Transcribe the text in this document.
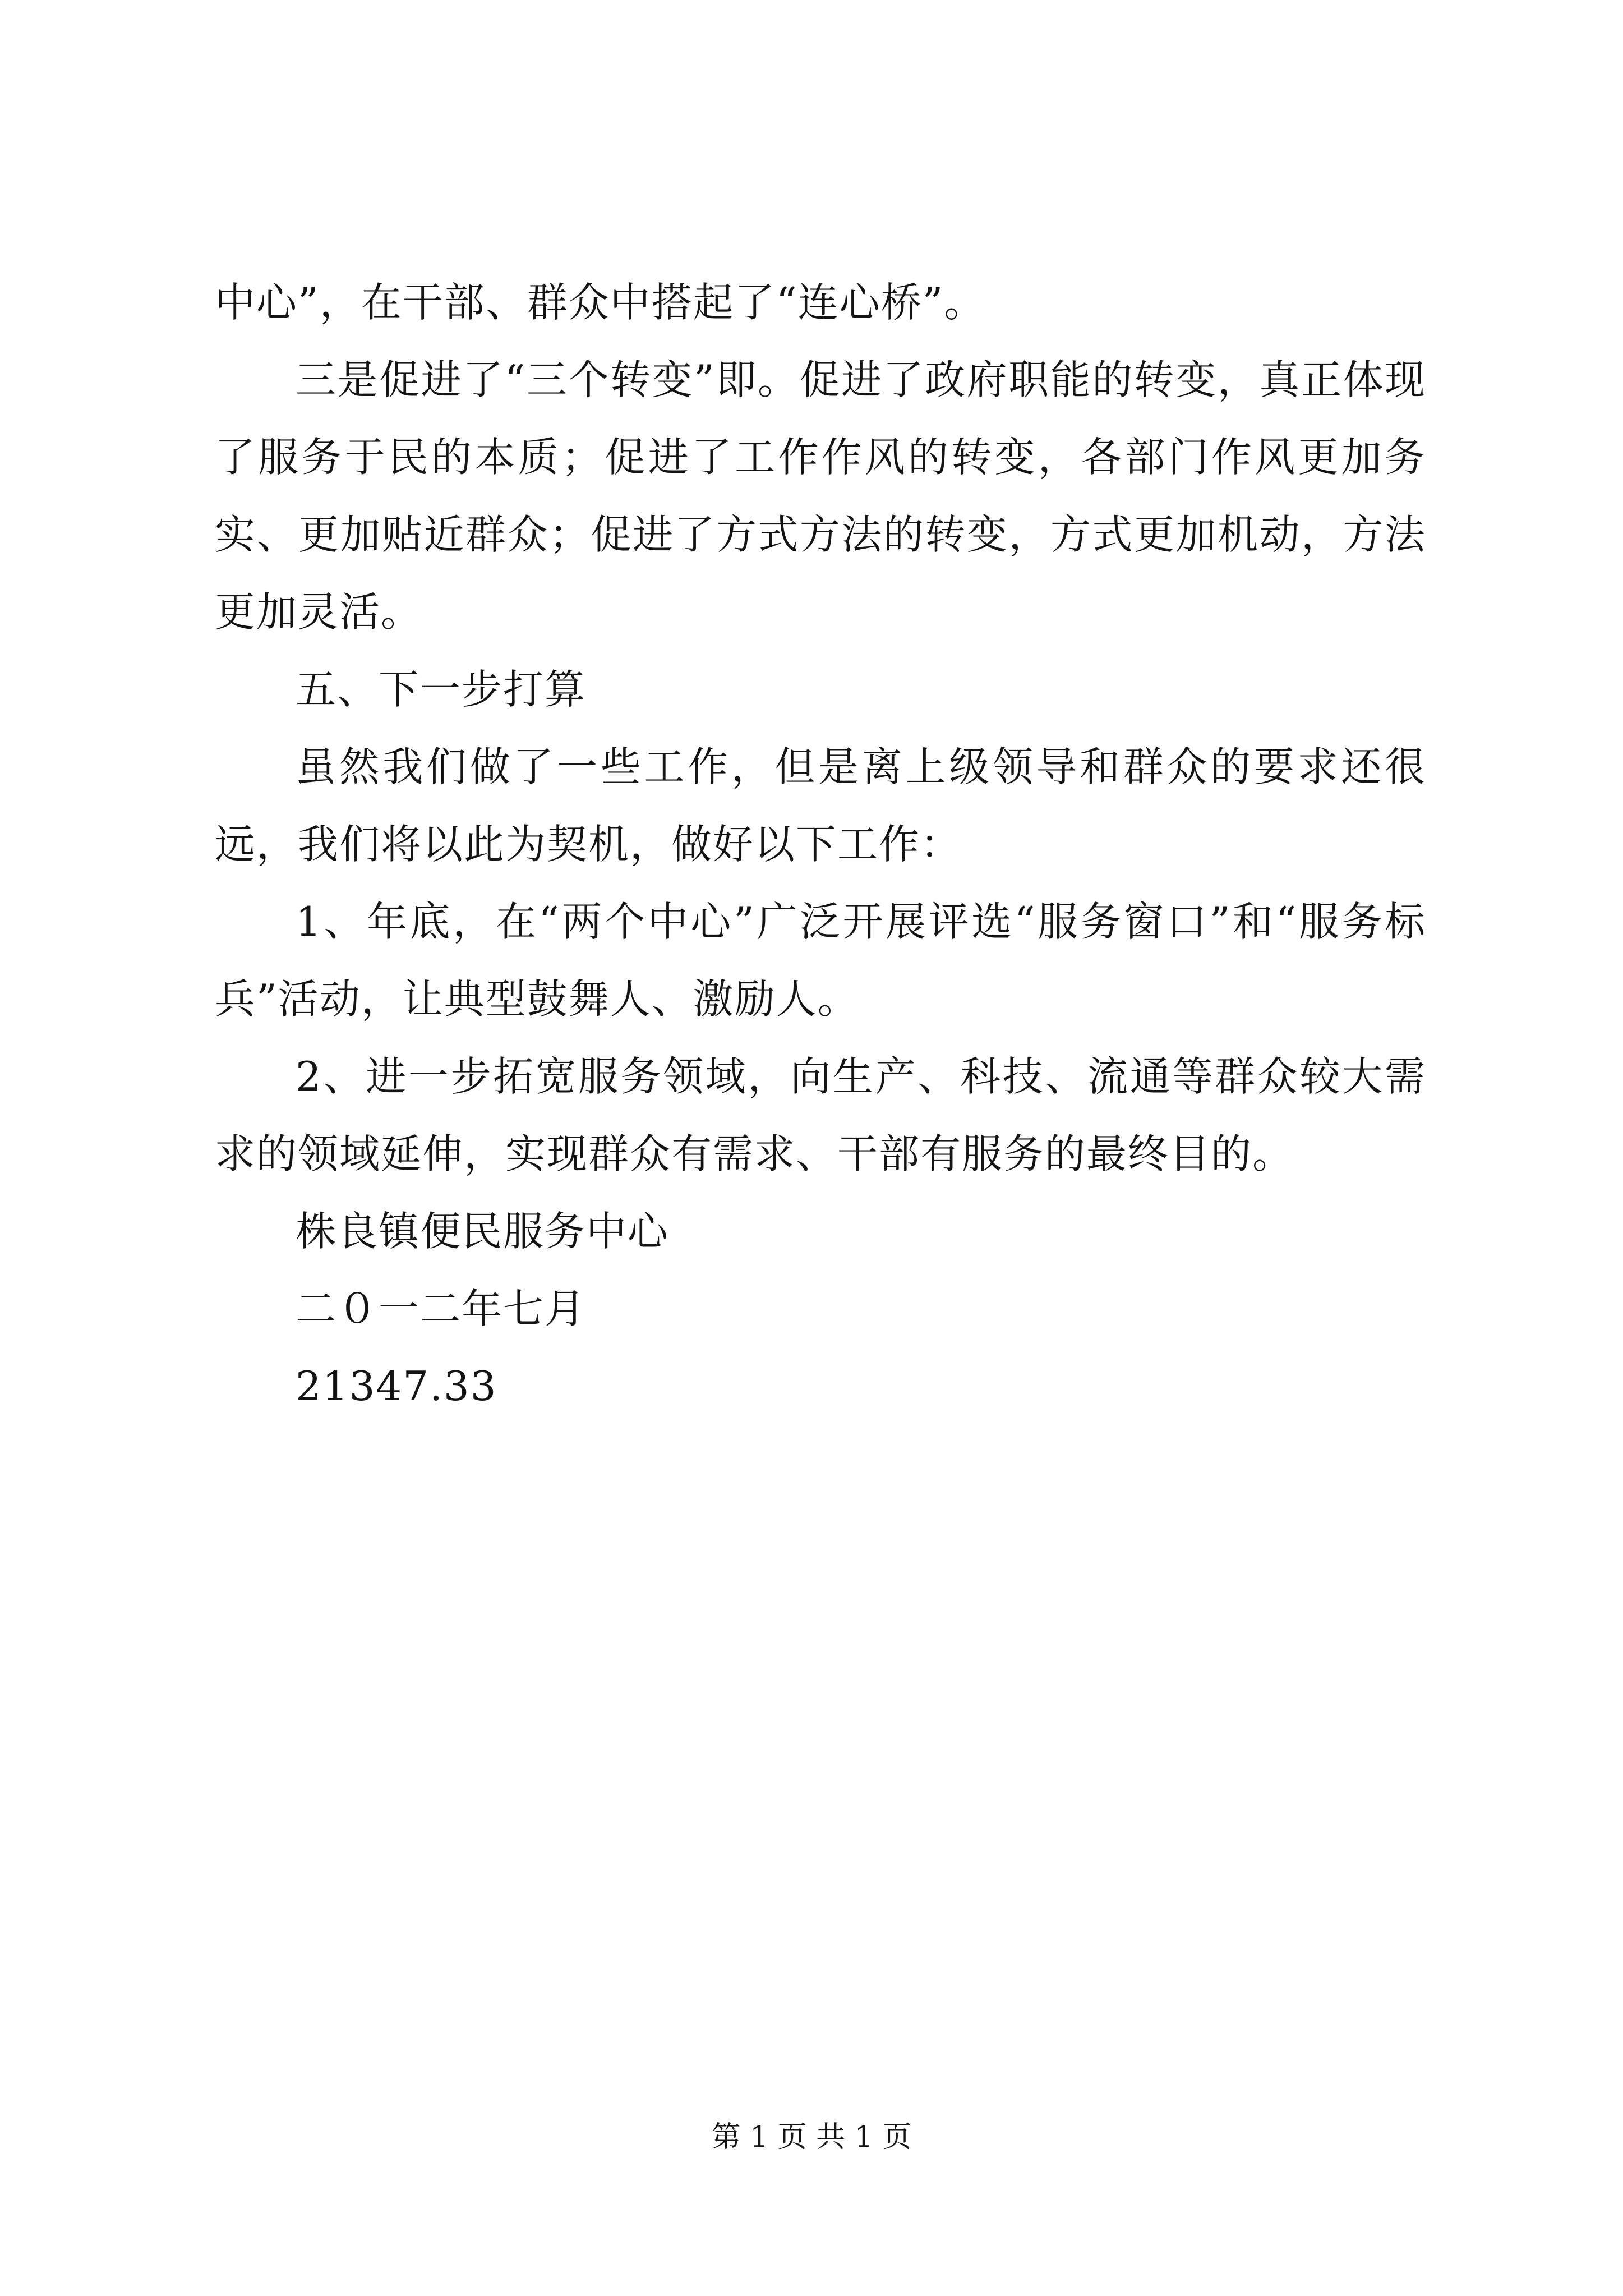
中心”，在干部、群众中搭起了“连心桥”。

三是促进了“三个转变”即。促进了政府职能的转变，真正体现了服务于民的本质；促进了工作作风的转变，各部门作风更加务实、更加贴近群众；促进了方式方法的转变，方式更加机动，方法更加灵活。

五、下一步打算

虽然我们做了一些工作，但是离上级领导和群众的要求还很远，我们将以此为契机，做好以下工作：

1、年底，在“两个中心”广泛开展评选“服务窗口”和“服务标兵”活动，让典型鼓舞人、激励人。

2、进一步拓宽服务领域，向生产、科技、流通等群众较大需求的领域延伸，实现群众有需求、干部有服务的最终目的。

株良镇便民服务中心

二０一二年七月

21347.33

第 1 页 共 1 页
